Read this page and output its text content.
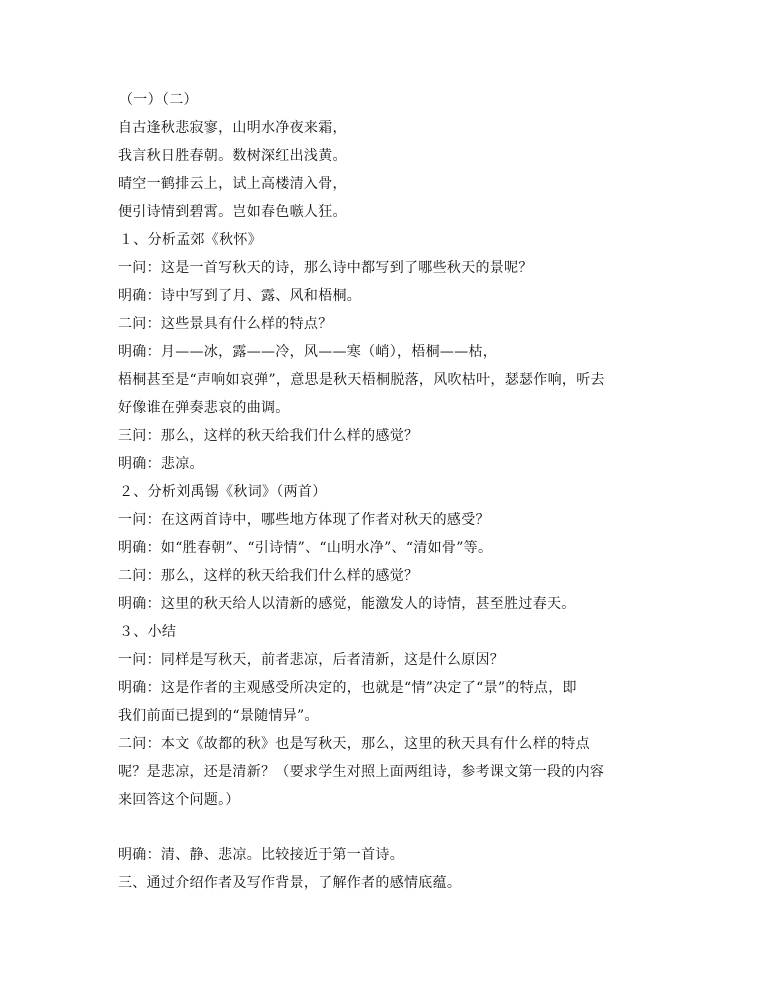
（一）（二）
自古逢秋悲寂寥，山明水净夜来霜，
我言秋日胜春朝。数树深红出浅黄。
晴空一鹤排云上，试上高楼清入骨，
便引诗情到碧霄。岂如春色嗾人狂。
１、分析孟郊《秋怀》
一问：这是一首写秋天的诗，那么诗中都写到了哪些秋天的景呢？
明确：诗中写到了月、露、风和梧桐。
二问：这些景具有什么样的特点？
明确：月——冰，露——冷，风——寒（峭），梧桐——枯，
梧桐甚至是“声响如哀弹”，意思是秋天梧桐脱落，风吹枯叶，瑟瑟作响，听去
好像谁在弹奏悲哀的曲调。
三问：那么，这样的秋天给我们什么样的感觉？
明确：悲凉。
２、分析刘禹锡《秋词》（两首）
一问：在这两首诗中，哪些地方体现了作者对秋天的感受？
明确：如“胜春朝”、“引诗情”、“山明水净”、“清如骨”等。
二问：那么，这样的秋天给我们什么样的感觉？
明确：这里的秋天给人以清新的感觉，能激发人的诗情，甚至胜过春天。
３、小结
一问：同样是写秋天，前者悲凉，后者清新，这是什么原因？
明确：这是作者的主观感受所决定的，也就是“情”决定了“景”的特点，即
我们前面已提到的“景随情异”。
二问：本文《故都的秋》也是写秋天，那么，这里的秋天具有什么样的特点
呢？是悲凉，还是清新？（要求学生对照上面两组诗，参考课文第一段的内容
来回答这个问题。）
明确：清、静、悲凉。比较接近于第一首诗。
三、通过介绍作者及写作背景，了解作者的感情底蕴。
